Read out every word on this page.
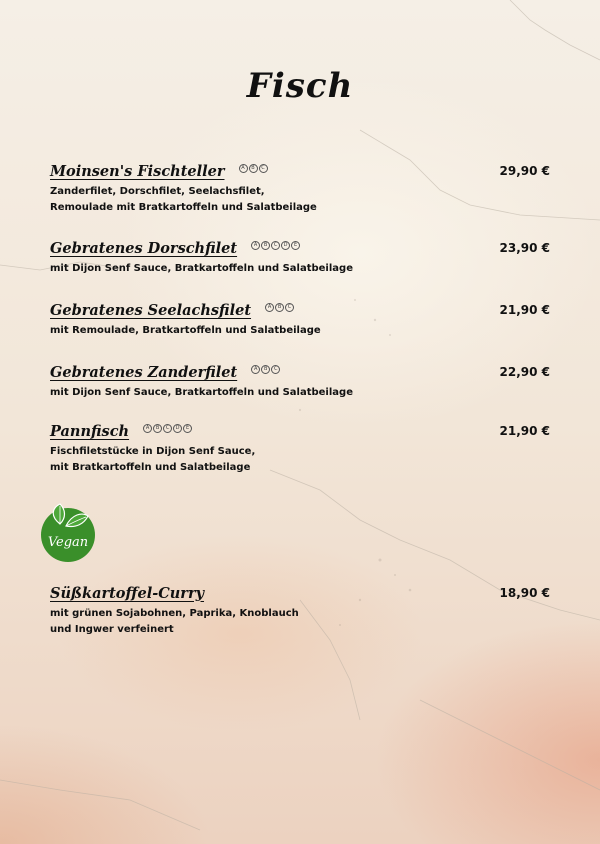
Fisch
Moinsen's Fischteller	A	B	C	29,90 €
Zanderfilet, Dorschfilet, Seelachsfilet,
Remoulade mit Bratkartoffeln und Salatbeilage
Gebratenes Dorschfilet	A	B	C	D	E	23,90 €
mit Dijon Senf Sauce, Bratkartoffeln und Salatbeilage
Gebratenes Seelachsfilet	A	B	C	21,90 €
mit Remoulade, Bratkartoffeln und Salatbeilage
Gebratenes Zanderfilet	A	B	C	22,90 €
mit Dijon Senf Sauce, Bratkartoffeln und Salatbeilage
Pannfisch	A	B	C	D	E	21,90 €
Fischfiletstücke in Dijon Senf Sauce,
mit Bratkartoffeln und Salatbeilage
Süßkartoffel-Curry	18,90 €
mit grünen Sojabohnen, Paprika, Knoblauch
und Ingwer verfeinert
Vegan
